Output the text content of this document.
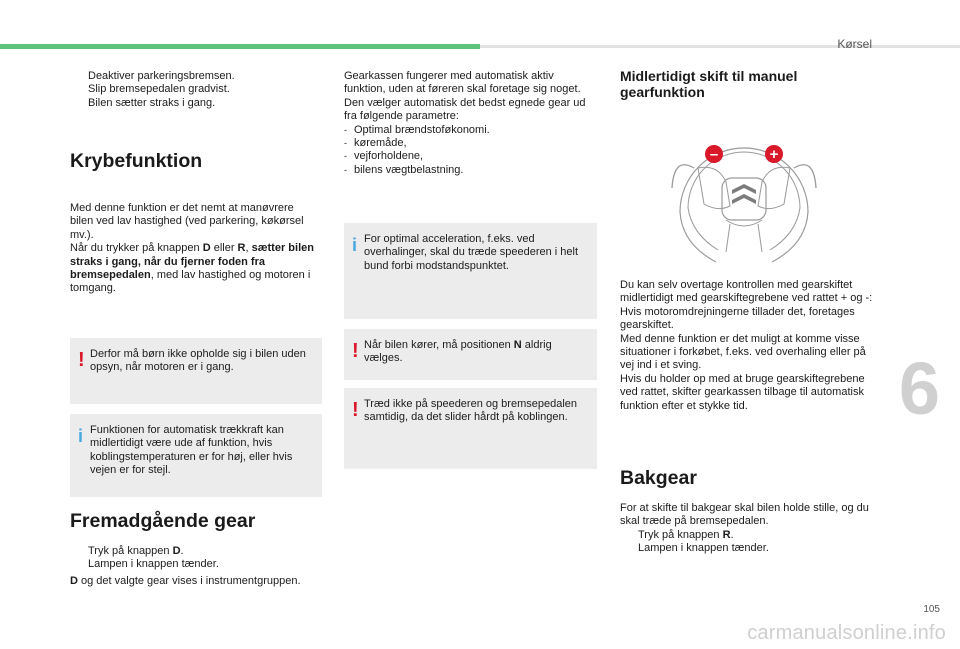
Kørsel
Deaktiver parkeringsbremsen.
Slip bremsepedalen gradvist.

Bilen sætter straks i gang.

Krybefunktion

Med denne funktion er det nemt at manøvrere bilen ved lav hastighed (ved parkering, køkørsel mv.).

Når du trykker på knappen D eller R, sætter bilen straks i gang, når du fjerner foden fra bremsepedalen, med lav hastighed og motoren i tomgang.

! Derfor må børn ikke opholde sig i bilen uden opsyn, når motoren er i gang.
i Funktionen for automatisk trækkraft kan midlertidigt være ude af funktion, hvis koblingstemperaturen er for høj, eller hvis vejen er for stejl.
Fremadgående gear
Tryk på knappen D.

Lampen i knappen tænder.

D og det valgte gear vises i instrumentgruppen.

Gearkassen fungerer med automatisk aktiv funktion, uden at føreren skal foretage sig noget. Den vælger automatisk det bedst egnede gear ud fra følgende parametre:

- Optimal brændstoføkonomi.
- køremåde,
- vejforholdene,
- bilens vægtbelastning.
i For optimal acceleration, f.eks. ved overhalinger, skal du træde speederen i helt bund forbi modstandspunktet.
! Når bilen kører, må positionen N aldrig vælges.
! Træd ikke på speederen og bremsepedalen samtidig, da det slider hårdt på koblingen.
Midlertidigt skift til manuel
gearfunktion
–	+

Du kan selv overtage kontrollen med gearskiftet midlertidigt med gearskiftegrebene ved rattet + og -: Hvis motoromdrejningerne tillader det, foretages gearskiftet.

Med denne funktion er det muligt at komme visse situationer i forkøbet, f.eks. ved overhaling eller på vej ind i et sving.

Hvis du holder op med at bruge gearskiftegrebene ved rattet, skifter gearkassen tilbage til automatisk funktion efter et stykke tid.

Bakgear

For at skifte til bakgear skal bilen holde stille, og du skal træde på bremsepedalen.

Tryk på knappen R.

Lampen i knappen tænder.

6
105
carmanualsonline.info
